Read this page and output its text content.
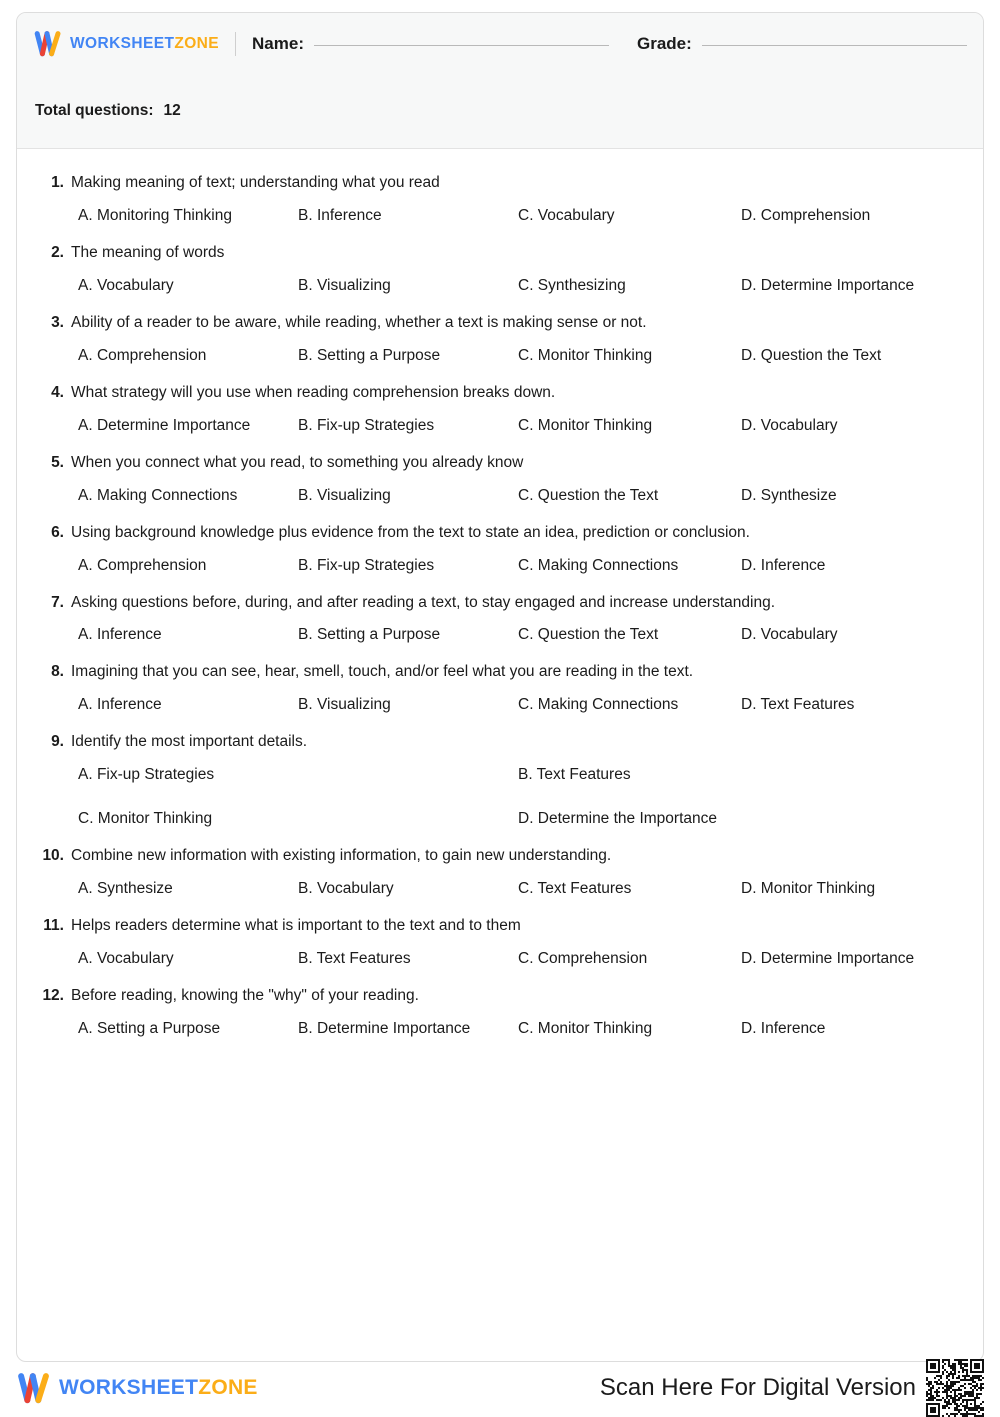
WORKSHEETZONE Name:	Grade:
Total questions: 12
1. Making meaning of text; understanding what you read
A. Monitoring Thinking	B. Inference	C. Vocabulary	D. Comprehension
2. The meaning of words
A. Vocabulary	B. Visualizing	C. Synthesizing	D. Determine Importance
3. Ability of a reader to be aware, while reading, whether a text is making sense or not.
A. Comprehension	B. Setting a Purpose	C. Monitor Thinking	D. Question the Text
4. What strategy will you use when reading comprehension breaks down.
A. Determine Importance	B. Fix-up Strategies	C. Monitor Thinking	D. Vocabulary
5. When you connect what you read, to something you already know
A. Making Connections	B. Visualizing	C. Question the Text	D. Synthesize
6. Using background knowledge plus evidence from the text to state an idea, prediction or conclusion.
A. Comprehension	B. Fix-up Strategies	C. Making Connections	D. Inference
7. Asking questions before, during, and after reading a text, to stay engaged and increase understanding.
A. Inference	B. Setting a Purpose	C. Question the Text	D. Vocabulary
8. Imagining that you can see, hear, smell, touch, and/or feel what you are reading in the text.
A. Inference	B. Visualizing	C. Making Connections	D. Text Features
9. Identify the most important details.
A. Fix-up Strategies	B. Text Features
C. Monitor Thinking	D. Determine the Importance
10. Combine new information with existing information, to gain new understanding.
A. Synthesize	B. Vocabulary	C. Text Features	D. Monitor Thinking
11. Helps readers determine what is important to the text and to them
A. Vocabulary	B. Text Features	C. Comprehension	D. Determine Importance
12. Before reading, knowing the "why" of your reading.
A. Setting a Purpose	B. Determine Importance	C. Monitor Thinking	D. Inference
WORKSHEETZONE	Scan Here For Digital Version
